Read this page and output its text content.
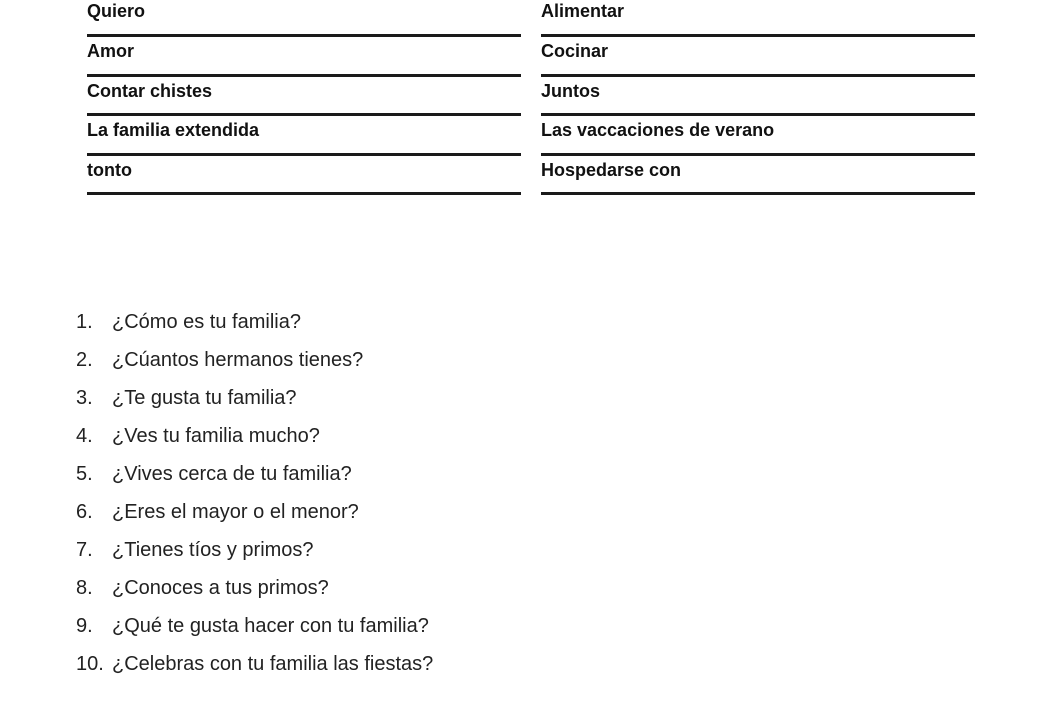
Quiero
Amor
Contar chistes
La familia extendida
tonto
Alimentar
Cocinar
Juntos
Las vaccaciones de verano
Hospedarse con
1. ¿Cómo es tu familia?
2. ¿Cúantos hermanos tienes?
3. ¿Te gusta tu familia?
4. ¿Ves tu familia mucho?
5. ¿Vives cerca de tu familia?
6. ¿Eres el mayor o el menor?
7. ¿Tienes tíos y primos?
8. ¿Conoces a tus primos?
9. ¿Qué te gusta hacer con tu familia?
10. ¿Celebras con tu familia las fiestas?
